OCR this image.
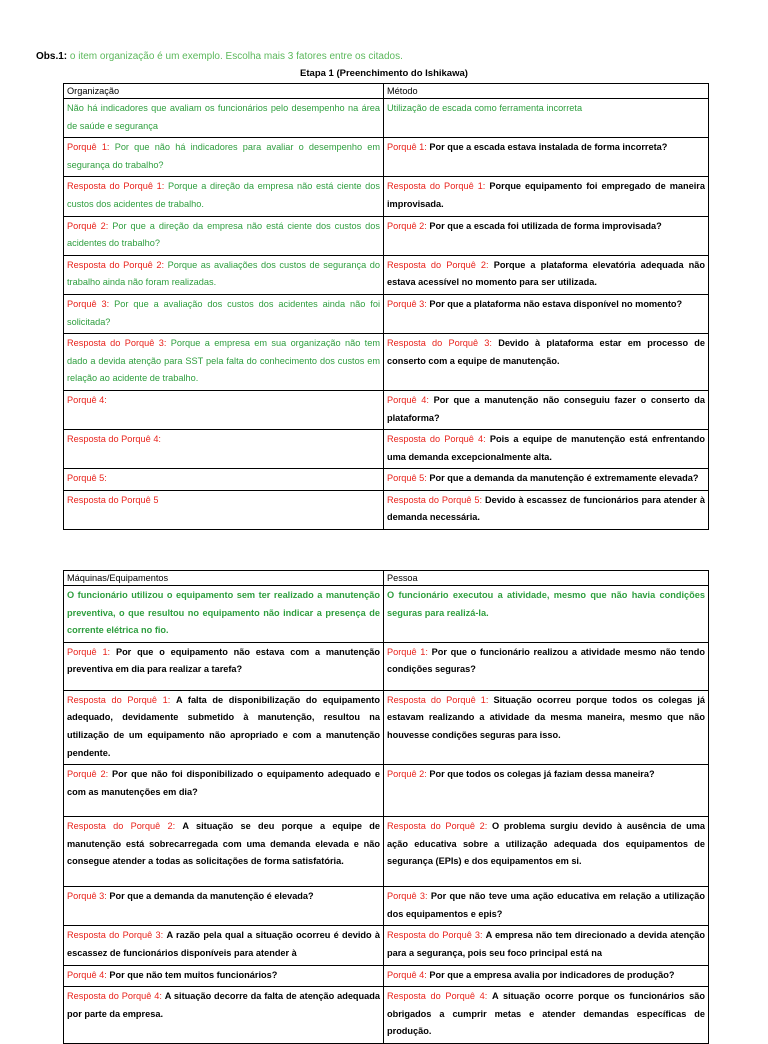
Obs.1: o item organização é um exemplo. Escolha mais 3 fatores entre os citados.
Etapa 1 (Preenchimento do Ishikawa)
Organização	Método
Não há indicadores que avaliam os funcionários pelo desempenho na área de saúde e segurança	Utilização de escada como ferramenta incorreta
Porquê 1: Por que não há indicadores para avaliar o desempenho em segurança do trabalho?	Porquê 1: Por que a escada estava instalada de forma incorreta?
Resposta do Porquê 1: Porque a direção da empresa não está ciente dos custos dos acidentes de trabalho.	Resposta do Porquê 1: Porque equipamento foi empregado de maneira improvisada.
Porquê 2: Por que a direção da empresa não está ciente dos custos dos acidentes do trabalho?	Porquê 2: Por que a escada foi utilizada de forma improvisada?
Resposta do Porquê 2: Porque as avaliações dos custos de segurança do trabalho ainda não foram realizadas.	Resposta do Porquê 2: Porque a plataforma elevatória adequada não estava acessível no momento para ser utilizada.
Porquê 3: Por que a avaliação dos custos dos acidentes ainda não foi solicitada?	Porquê 3: Por que a plataforma não estava disponível no momento?
Resposta do Porquê 3: Porque a empresa em sua organização não tem dado a devida atenção para SST pela falta do conhecimento dos custos em relação ao acidente de trabalho.	Resposta do Porquê 3: Devido à plataforma estar em processo de conserto com a equipe de manutenção.
Porquê 4:	Porquê 4: Por que a manutenção não conseguiu fazer o conserto da plataforma?
Resposta do Porquê 4:	Resposta do Porquê 4: Pois a equipe de manutenção está enfrentando uma demanda excepcionalmente alta.
Porquê 5:	Porquê 5: Por que a demanda da manutenção é extremamente elevada?
Resposta do Porquê 5	Resposta do Porquê 5: Devido à escassez de funcionários para atender à demanda necessária.
Máquinas/Equipamentos	Pessoa
O funcionário utilizou o equipamento sem ter realizado a manutenção preventiva, o que resultou no equipamento não indicar a presença de corrente elétrica no fio.	O funcionário executou a atividade, mesmo que não havia condições seguras para realizá-la.
Porquê 1: Por que o equipamento não estava com a manutenção preventiva em dia para realizar a tarefa?	Porquê 1: Por que o funcionário realizou a atividade mesmo não tendo condições seguras?
Resposta do Porquê 1: A falta de disponibilização do equipamento adequado, devidamente submetido à manutenção, resultou na utilização de um equipamento não apropriado e com a manutenção pendente.	Resposta do Porquê 1: Situação ocorreu porque todos os colegas já estavam realizando a atividade da mesma maneira, mesmo que não houvesse condições seguras para isso.
Porquê 2: Por que não foi disponibilizado o equipamento adequado e com as manutenções em dia?	Porquê 2: Por que todos os colegas já faziam dessa maneira?
Resposta do Porquê 2: A situação se deu porque a equipe de manutenção está sobrecarregada com uma demanda elevada e não consegue atender a todas as solicitações de forma satisfatória.	Resposta do Porquê 2: O problema surgiu devido à ausência de uma ação educativa sobre a utilização adequada dos equipamentos de segurança (EPIs) e dos equipamentos em si.
Porquê 3: Por que a demanda da manutenção é elevada?	Porquê 3: Por que não teve uma ação educativa em relação a utilização dos equipamentos e epis?
Resposta do Porquê 3: A razão pela qual a situação ocorreu é devido à escassez de funcionários disponíveis para atender à	Resposta do Porquê 3: A empresa não tem direcionado a devida atenção para a segurança, pois seu foco principal está na
Porquê 4: Por que não tem muitos funcionários?	Porquê 4: Por que a empresa avalia por indicadores de produção?
Resposta do Porquê 4: A situação decorre da falta de atenção adequada por parte da empresa.	Resposta do Porquê 4: A situação ocorre porque os funcionários são obrigados a cumprir metas e atender demandas específicas de produção.
